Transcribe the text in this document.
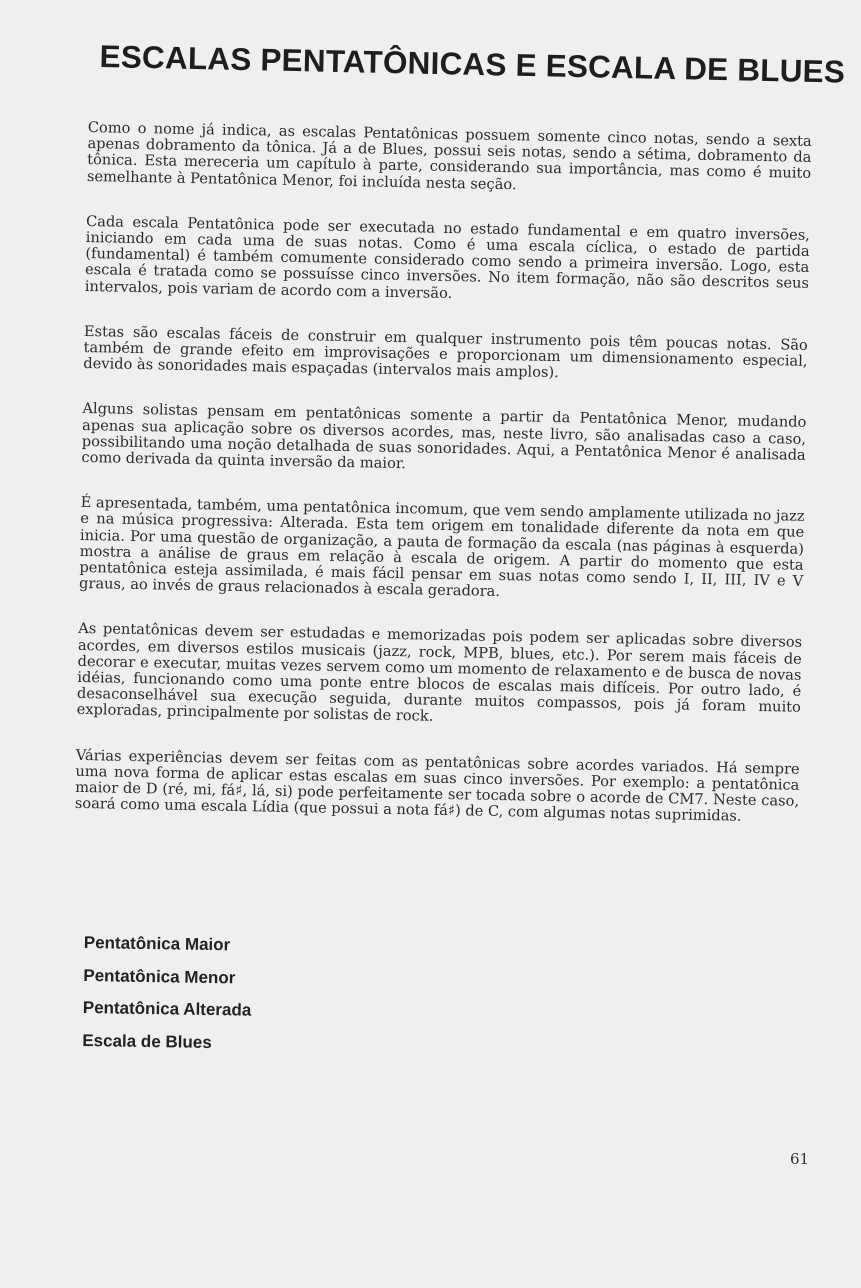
ESCALAS PENTATÔNICAS E ESCALA DE BLUES

Como o nome já indica, as escalas Pentatônicas possuem somente cinco notas, sendo a sexta apenas dobramento da tônica. Já a de Blues, possui seis notas, sendo a sétima, dobramento da tônica. Esta mereceria um capítulo à parte, considerando sua importância, mas como é muito semelhante à Pentatônica Menor, foi incluída nesta seção.

Cada escala Pentatônica pode ser executada no estado fundamental e em quatro inversões, iniciando em cada uma de suas notas. Como é uma escala cíclica, o estado de partida (fundamental) é também comumente considerado como sendo a primeira inversão. Logo, esta escala é tratada como se possuísse cinco inversões. No item formação, não são descritos seus intervalos, pois variam de acordo com a inversão.

Estas são escalas fáceis de construir em qualquer instrumento pois têm poucas notas. São também de grande efeito em improvisações e proporcionam um dimensionamento especial, devido às sonoridades mais espaçadas (intervalos mais amplos).

Alguns solistas pensam em pentatônicas somente a partir da Pentatônica Menor, mudando apenas sua aplicação sobre os diversos acordes, mas, neste livro, são analisadas caso a caso, possibilitando uma noção detalhada de suas sonoridades. Aqui, a Pentatônica Menor é analisada como derivada da quinta inversão da maior.

É apresentada, também, uma pentatônica incomum, que vem sendo amplamente utilizada no jazz e na música progressiva: Alterada. Esta tem origem em tonalidade diferente da nota em que inicia. Por uma questão de organização, a pauta de formação da escala (nas páginas à esquerda) mostra a análise de graus em relação à escala de origem. A partir do momento que esta pentatônica esteja assimilada, é mais fácil pensar em suas notas como sendo I, II, III, IV e V graus, ao invés de graus relacionados à escala geradora.

As pentatônicas devem ser estudadas e memorizadas pois podem ser aplicadas sobre diversos acordes, em diversos estilos musicais (jazz, rock, MPB, blues, etc.). Por serem mais fáceis de decorar e executar, muitas vezes servem como um momento de relaxamento e de busca de novas idéias, funcionando como uma ponte entre blocos de escalas mais difíceis. Por outro lado, é desaconselhável sua execução seguida, durante muitos compassos, pois já foram muito exploradas, principalmente por solistas de rock.

Várias experiências devem ser feitas com as pentatônicas sobre acordes variados. Há sempre uma nova forma de aplicar estas escalas em suas cinco inversões. Por exemplo: a pentatônica maior de D (ré, mi, fá♯, lá, si) pode perfeitamente ser tocada sobre o acorde de CM7. Neste caso, soará como uma escala Lídia (que possui a nota fá♯) de C, com algumas notas suprimidas.

Pentatônica Maior
Pentatônica Menor
Pentatônica Alterada
Escala de Blues
61
